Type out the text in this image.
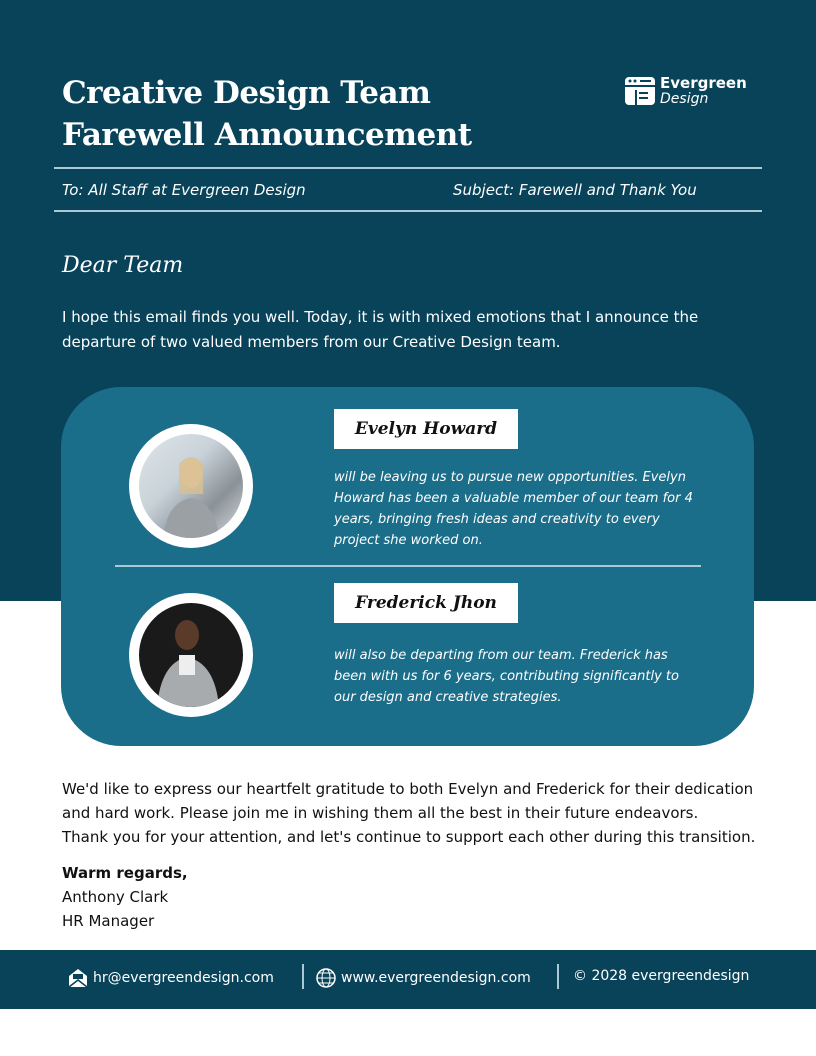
Creative Design Team
Farewell Announcement
Evergreen
Design
To: All Staff at Evergreen Design	Subject: Farewell and Thank You
Dear Team
I hope this email finds you well. Today, it is with mixed emotions that I announce the departure of two valued members from our Creative Design team.
Evelyn Howard
will be leaving us to pursue new opportunities. Evelyn Howard has been a valuable member of our team for 4 years, bringing fresh ideas and creativity to every project she worked on.
Frederick Jhon
will also be departing from our team. Frederick has been with us for 6 years, contributing significantly to our design and creative strategies.
We'd like to express our heartfelt gratitude to both Evelyn and Frederick for their dedication and hard work. Please join me in wishing them all the best in their future endeavors.
Thank you for your attention, and let's continue to support each other during this transition.
Warm regards,
Anthony Clark
HR Manager
hr@evergreendesign.com	www.evergreendesign.com	© 2028 evergreendesign
